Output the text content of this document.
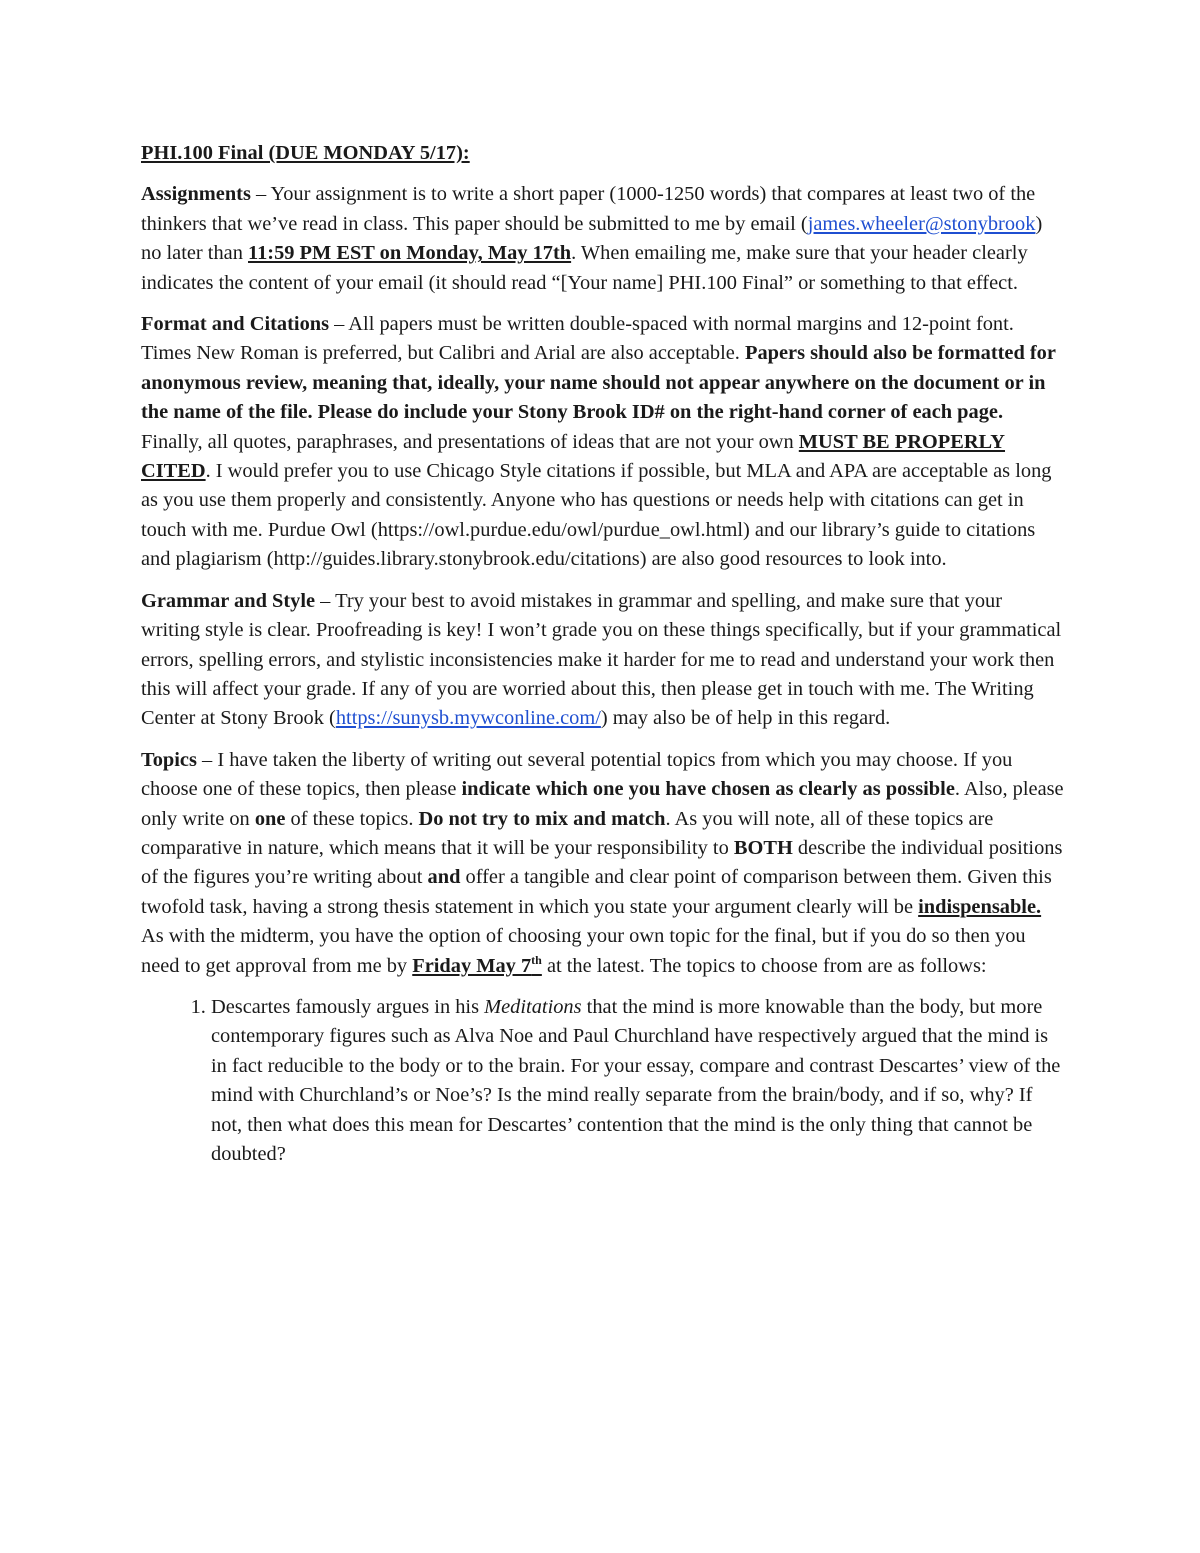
PHI.100 Final (DUE MONDAY 5/17):

Assignments – Your assignment is to write a short paper (1000-1250 words) that compares at least two of the thinkers that we’ve read in class. This paper should be submitted to me by email (james.wheeler@stonybrook) no later than 11:59 PM EST on Monday, May 17th. When emailing me, make sure that your header clearly indicates the content of your email (it should read “[Your name] PHI.100 Final” or something to that effect.

Format and Citations – All papers must be written double-spaced with normal margins and 12-point font. Times New Roman is preferred, but Calibri and Arial are also acceptable. Papers should also be formatted for anonymous review, meaning that, ideally, your name should not appear anywhere on the document or in the name of the file. Please do include your Stony Brook ID# on the right-hand corner of each page. Finally, all quotes, paraphrases, and presentations of ideas that are not your own MUST BE PROPERLY CITED. I would prefer you to use Chicago Style citations if possible, but MLA and APA are acceptable as long as you use them properly and consistently. Anyone who has questions or needs help with citations can get in touch with me. Purdue Owl (https://owl.purdue.edu/owl/purdue_owl.html) and our library’s guide to citations and plagiarism (http://guides.library.stonybrook.edu/citations) are also good resources to look into.

Grammar and Style – Try your best to avoid mistakes in grammar and spelling, and make sure that your writing style is clear. Proofreading is key! I won’t grade you on these things specifically, but if your grammatical errors, spelling errors, and stylistic inconsistencies make it harder for me to read and understand your work then this will affect your grade. If any of you are worried about this, then please get in touch with me. The Writing Center at Stony Brook (https://sunysb.mywconline.com/) may also be of help in this regard.

Topics – I have taken the liberty of writing out several potential topics from which you may choose. If you choose one of these topics, then please indicate which one you have chosen as clearly as possible. Also, please only write on one of these topics. Do not try to mix and match. As you will note, all of these topics are comparative in nature, which means that it will be your responsibility to BOTH describe the individual positions of the figures you’re writing about and offer a tangible and clear point of comparison between them. Given this twofold task, having a strong thesis statement in which you state your argument clearly will be indispensable. As with the midterm, you have the option of choosing your own topic for the final, but if you do so then you need to get approval from me by Friday May 7th at the latest. The topics to choose from are as follows:

1. Descartes famously argues in his Meditations that the mind is more knowable than the body, but more contemporary figures such as Alva Noe and Paul Churchland have respectively argued that the mind is in fact reducible to the body or to the brain. For your essay, compare and contrast Descartes’ view of the mind with Churchland’s or Noe’s? Is the mind really separate from the brain/body, and if so, why? If not, then what does this mean for Descartes’ contention that the mind is the only thing that cannot be doubted?
